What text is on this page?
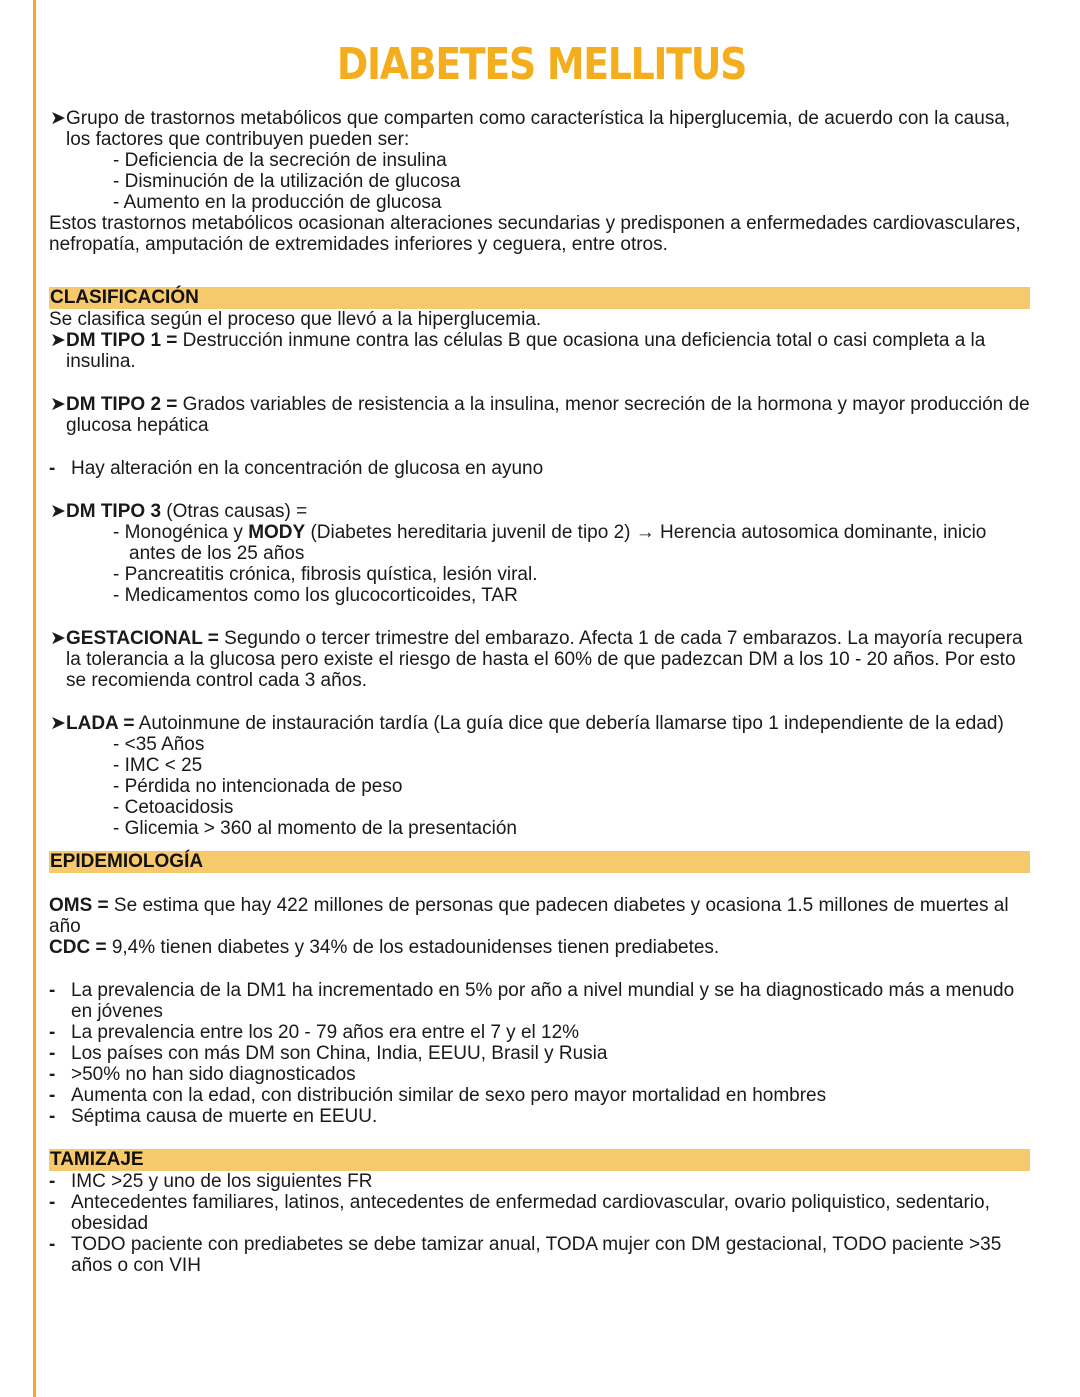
DIABETES MELLITUS
➤ Grupo de trastornos metabólicos que comparten como característica la hiperglucemia, de acuerdo con la causa, los factores que contribuyen pueden ser:

- Deficiencia de la secreción de insulina

- Disminución de la utilización de glucosa

- Aumento en la producción de glucosa

Estos trastornos metabólicos ocasionan alteraciones secundarias y predisponen a enfermedades cardiovasculares, nefropatía, amputación de extremidades inferiores y ceguera, entre otros.

CLASIFICACIÓN

Se clasifica según el proceso que llevó a la hiperglucemia.

➤ DM TIPO 1 = Destrucción inmune contra las células B que ocasiona una deficiencia total o casi completa a la insulina.
➤ DM TIPO 2 = Grados variables de resistencia a la insulina, menor secreción de la hormona y mayor producción de glucosa hepática
- Hay alteración en la concentración de glucosa en ayuno
➤ DM TIPO 3 (Otras causas) =

- Monogénica y MODY (Diabetes hereditaria juvenil de tipo 2) → Herencia autosomica dominante, inicio antes de los 25 años

- Pancreatitis crónica, fibrosis quística, lesión viral.

- Medicamentos como los glucocorticoides, TAR

➤ GESTACIONAL = Segundo o tercer trimestre del embarazo. Afecta 1 de cada 7 embarazos. La mayoría recupera la tolerancia a la glucosa pero existe el riesgo de hasta el 60% de que padezcan DM a los 10 - 20 años. Por esto se recomienda control cada 3 años.
➤ LADA = Autoinmune de instauración tardía (La guía dice que debería llamarse tipo 1 independiente de la edad)

- <35 Años

- IMC < 25

- Pérdida no intencionada de peso

- Cetoacidosis

- Glicemia > 360 al momento de la presentación

EPIDEMIOLOGÍA

OMS = Se estima que hay 422 millones de personas que padecen diabetes y ocasiona 1.5 millones de muertes al año

CDC = 9,4% tienen diabetes y 34% de los estadounidenses tienen prediabetes.

- La prevalencia de la DM1 ha incrementado en 5% por año a nivel mundial y se ha diagnosticado más a menudo en jóvenes
- La prevalencia entre los 20 - 79 años era entre el 7 y el 12%
- Los países con más DM son China, India, EEUU, Brasil y Rusia
- >50% no han sido diagnosticados
- Aumenta con la edad, con distribución similar de sexo pero mayor mortalidad en hombres
- Séptima causa de muerte en EEUU.
TAMIZAJE
- IMC >25 y uno de los siguientes FR
- Antecedentes familiares, latinos, antecedentes de enfermedad cardiovascular, ovario poliquistico, sedentario, obesidad
- TODO paciente con prediabetes se debe tamizar anual, TODA mujer con DM gestacional, TODO paciente >35 años o con VIH
